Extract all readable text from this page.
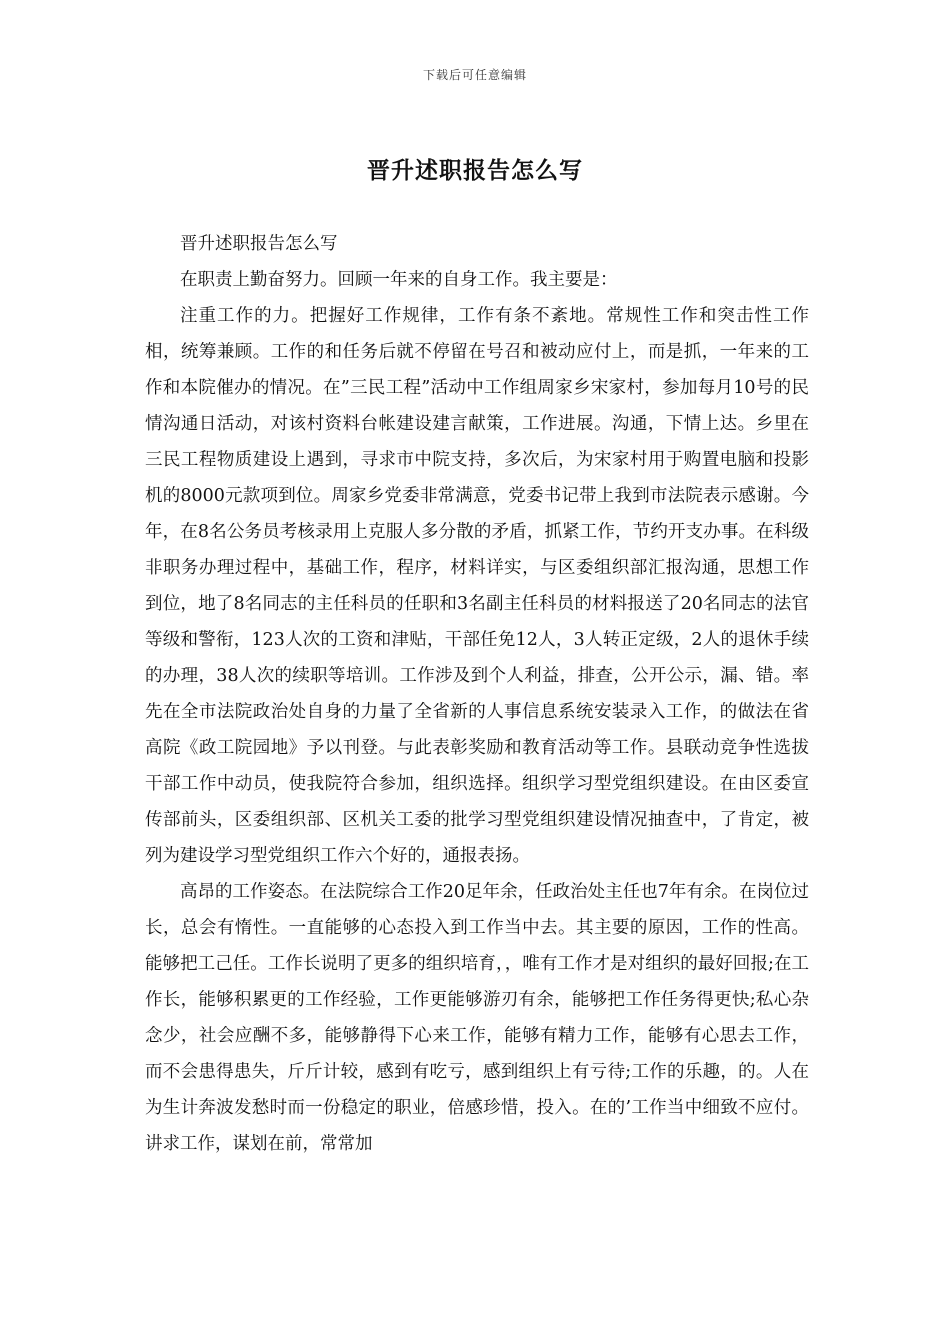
下载后可任意编辑
晋升述职报告怎么写

晋升述职报告怎么写

在职责上勤奋努力。回顾一年来的自身工作。我主要是：

注重工作的力。把握好工作规律，工作有条不紊地。常规性工作和突击性工作相，统筹兼顾。工作的和任务后就不停留在号召和被动应付上，而是抓，一年来的工作和本院催办的情况。在”三民工程”活动中工作组周家乡宋家村，参加每月10号的民情沟通日活动，对该村资料台帐建设建言献策，工作进展。沟通，下情上达。乡里在三民工程物质建设上遇到，寻求市中院支持，多次后，为宋家村用于购置电脑和投影机的8000元款项到位。周家乡党委非常满意，党委书记带上我到市法院表示感谢。今年，在8名公务员考核录用上克服人多分散的矛盾，抓紧工作，节约开支办事。在科级非职务办理过程中，基础工作，程序，材料详实，与区委组织部汇报沟通，思想工作到位，地了8名同志的主任科员的任职和3名副主任科员的材料报送了20名同志的法官等级和警衔，123人次的工资和津贴，干部任免12人，3人转正定级，2人的退休手续的办理，38人次的续职等培训。工作涉及到个人利益，排查，公开公示，漏、错。率先在全市法院政治处自身的力量了全省新的人事信息系统安装录入工作，的做法在省高院《政工院园地》予以刊登。与此表彰奖励和教育活动等工作。县联动竞争性选拔干部工作中动员，使我院符合参加，组织选择。组织学习型党组织建设。在由区委宣传部前头，区委组织部、区机关工委的批学习型党组织建设情况抽查中，了肯定，被列为建设学习型党组织工作六个好的，通报表扬。

高昂的工作姿态。在法院综合工作20足年余，任政治处主任也7年有余。在岗位过长，总会有惰性。一直能够的心态投入到工作当中去。其主要的原因，工作的性高。能够把工己任。工作长说明了更多的组织培育，，唯有工作才是对组织的最好回报;在工作长，能够积累更的工作经验，工作更能够游刃有余，能够把工作任务得更快;私心杂念少，社会应酬不多，能够静得下心来工作，能够有精力工作，能够有心思去工作，而不会患得患失，斤斤计较，感到有吃亏，感到组织上有亏待;工作的乐趣，的。人在为生计奔波发愁时而一份稳定的职业，倍感珍惜，投入。在的’工作当中细致不应付。讲求工作，谋划在前，常常加
